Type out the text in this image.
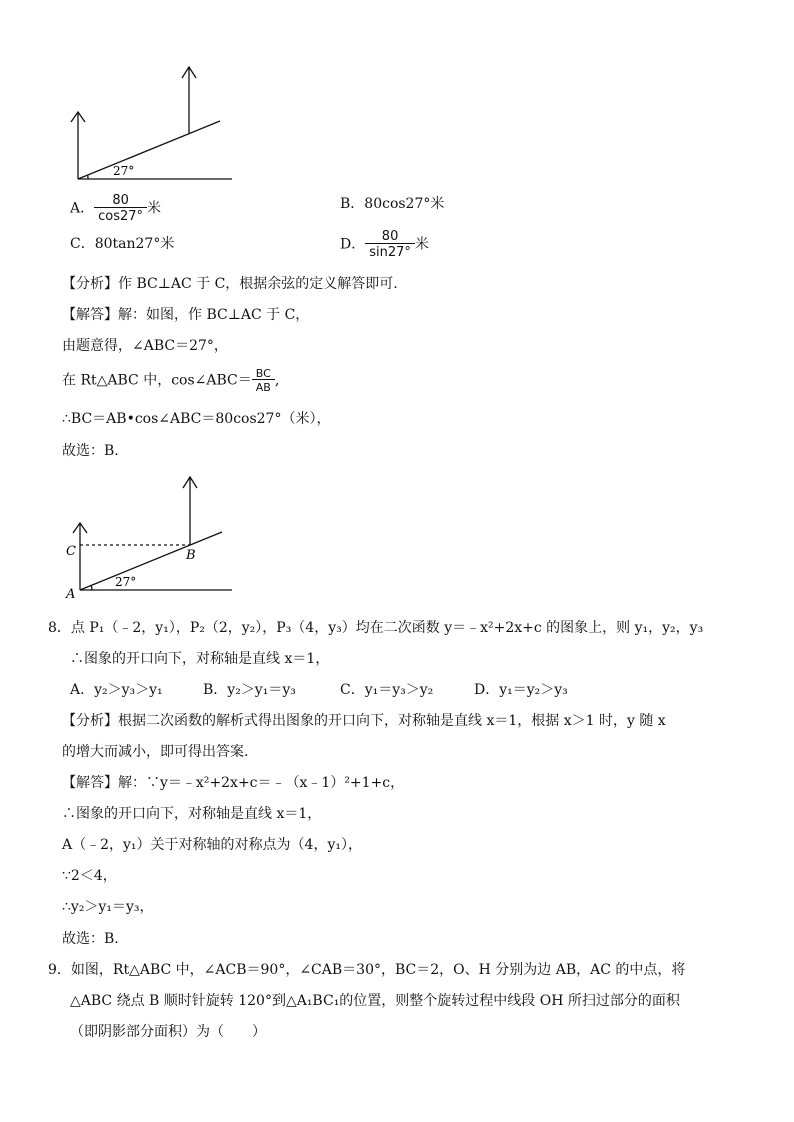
27°
A． $\frac{80}{\cos 27^\circ}$ 米	B．80cos27°米
C．80tan27°米	D． $\frac{80}{\sin 27^\circ}$ 米
【分析】作 BC⊥AC 于 C，根据余弦的定义解答即可.
【解答】解：如图，作 BC⊥AC 于 C，
由题意得，∠ABC＝27°，
在 Rt△ABC 中，cos∠ABC＝ $\frac{BC}{AB}$ ,
∴BC＝AB•cos∠ABC＝80cos27°（米），
故选：B.
C	B
A
27°
8．点 P₁（﹣2，y₁），P₂（2，y₂），P₃（4，y₃）均在二次函数 y＝﹣x²+2x+c 的图象上，则 y₁，y₂，y₃
∴图象的开口向下，对称轴是直线 x＝1，
A．y₂＞y₃＞y₁	B．y₂＞y₁＝y₃	C．y₁＝y₃＞y₂	D．y₁＝y₂＞y₃
【分析】根据二次函数的解析式得出图象的开口向下，对称轴是直线 x＝1，根据 x＞1 时，y 随 x
的增大而减小，即可得出答案.
【解答】解：∵y＝﹣x²+2x+c＝﹣（x﹣1）²+1+c，
∴图象的开口向下，对称轴是直线 x＝1，
A（﹣2，y₁）关于对称轴的对称点为（4，y₁），
∵2＜4，
∴y₂＞y₁＝y₃，
故选：B.
9．如图，Rt△ABC 中，∠ACB＝90°，∠CAB＝30°，BC＝2，O、H 分别为边 AB，AC 的中点，将
△ABC 绕点 B 顺时针旋转 120°到△A₁BC₁的位置，则整个旋转过程中线段 OH 所扫过部分的面积
（即阴影部分面积）为（　　）
